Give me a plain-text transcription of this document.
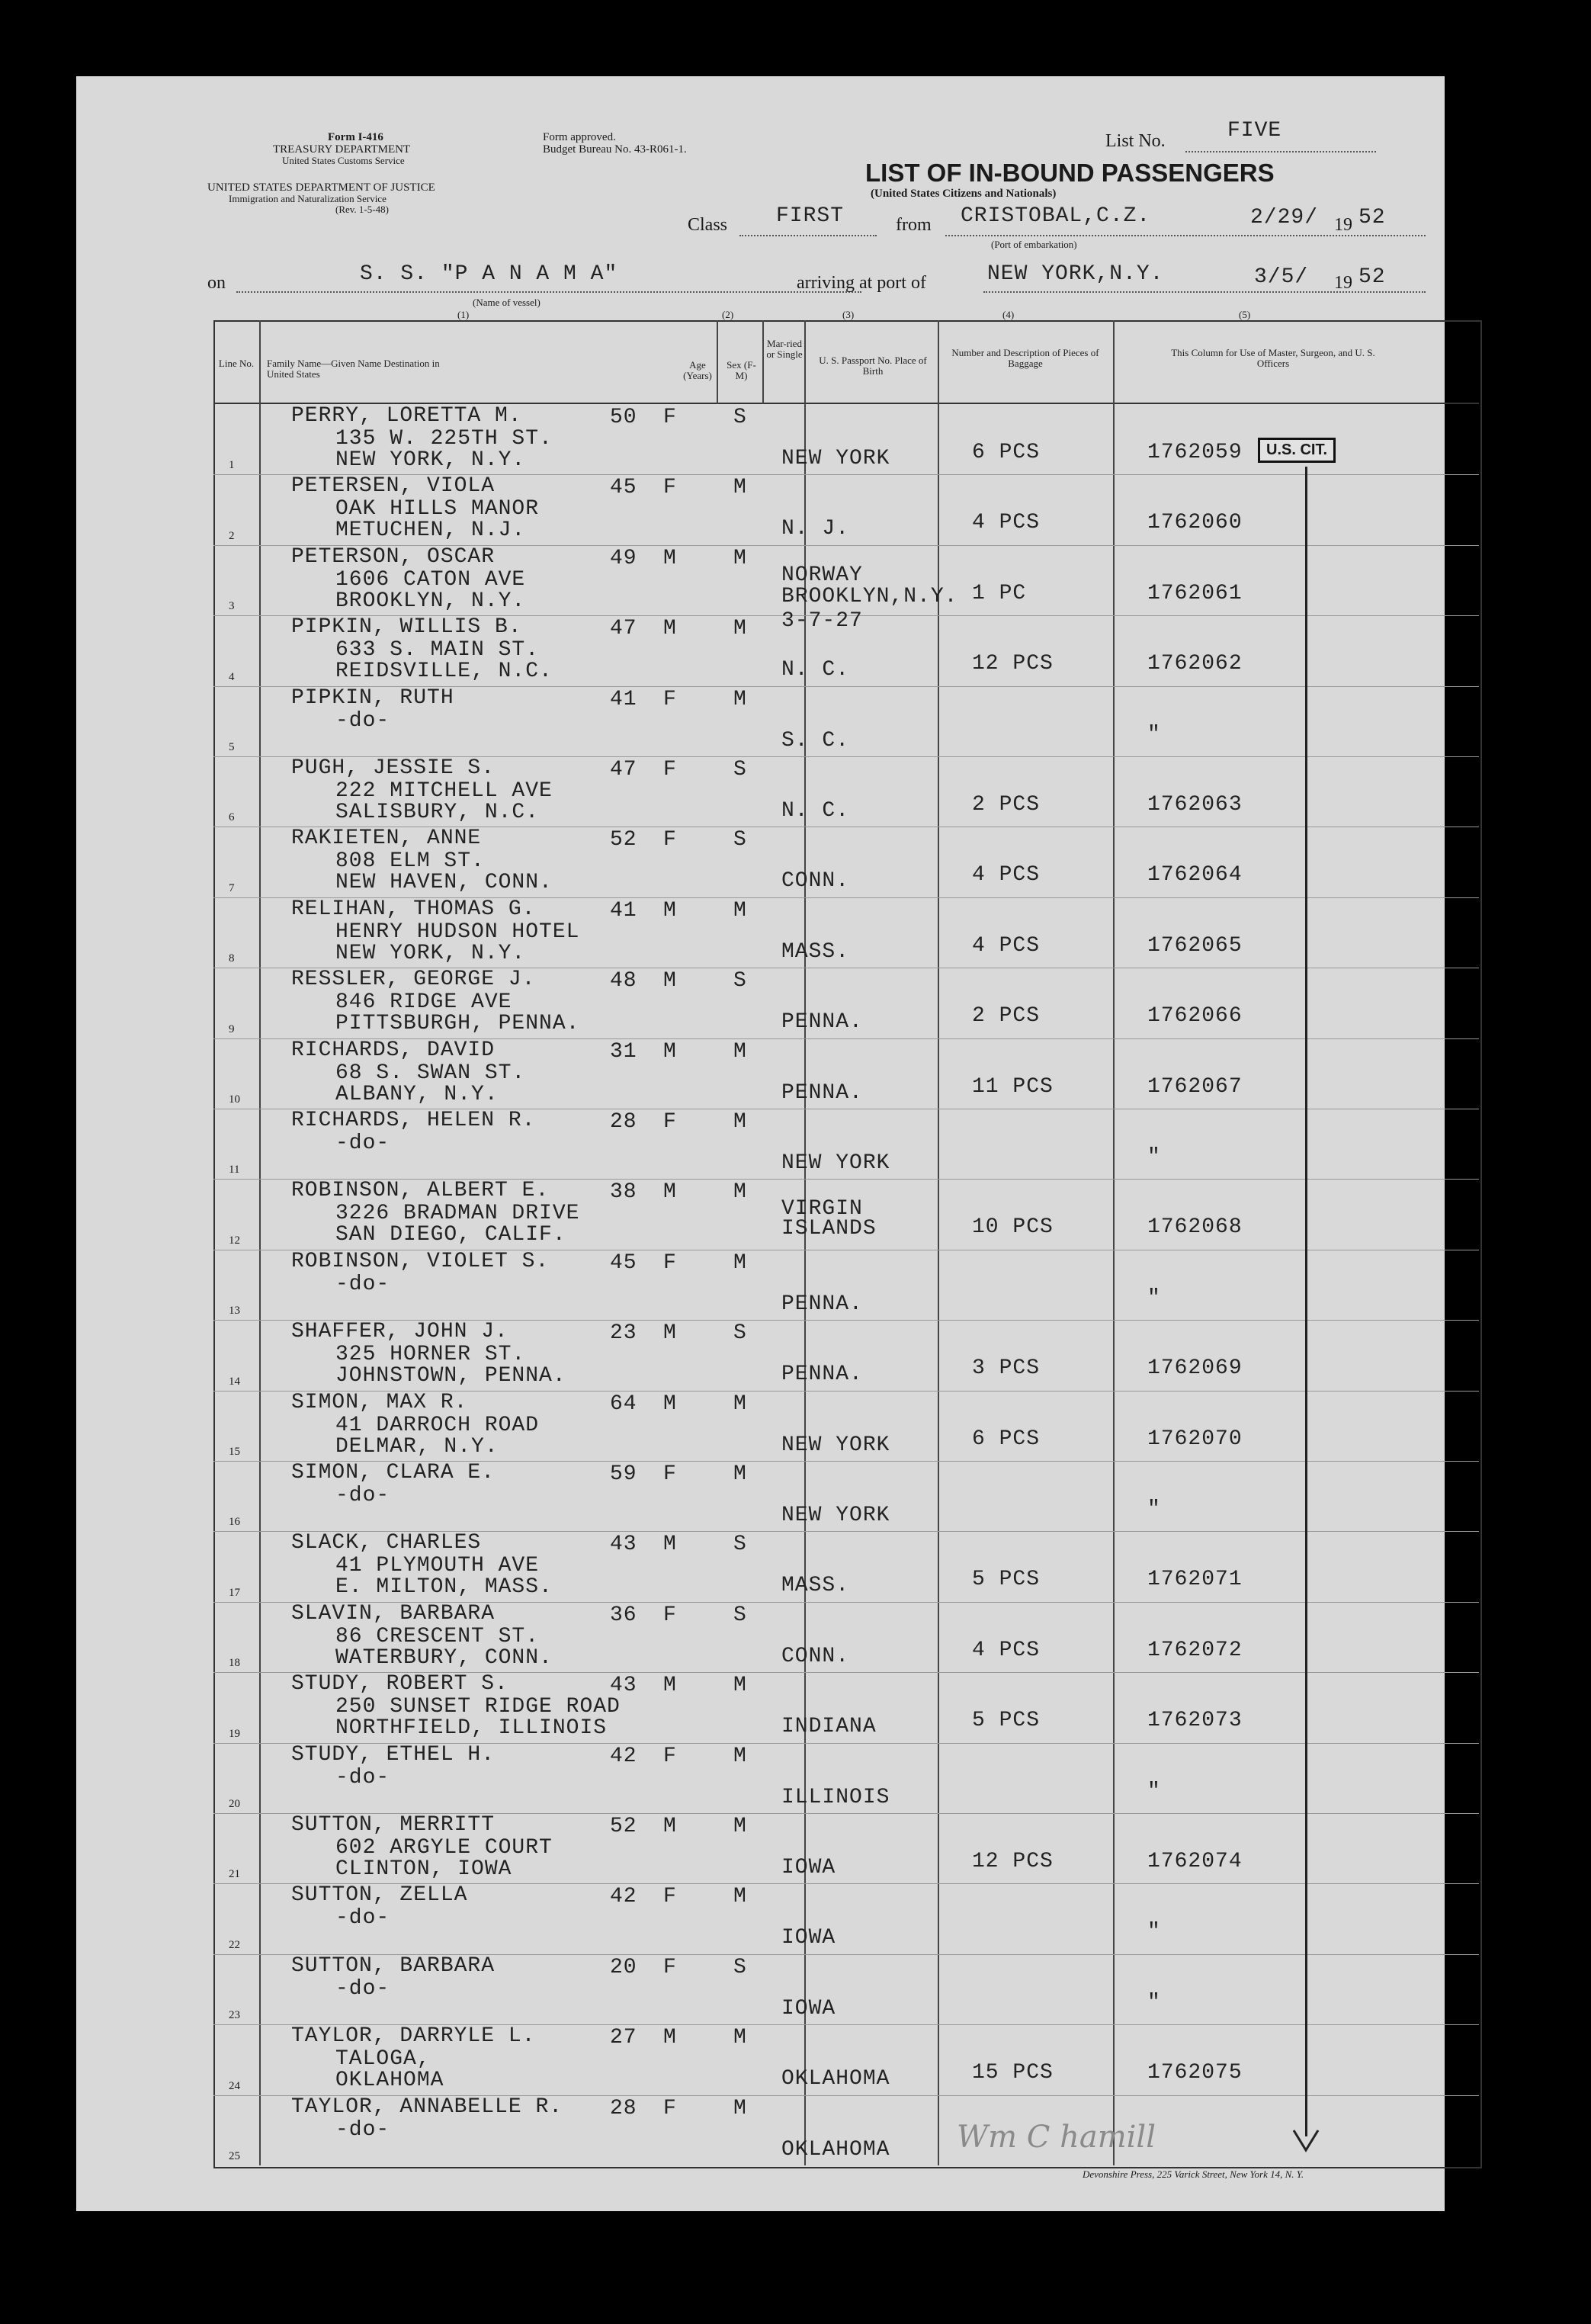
Form I-416
TREASURY DEPARTMENT
United States Customs Service
Form approved.
Budget Bureau No. 43-R061-1.
UNITED STATES DEPARTMENT OF JUSTICE
Immigration and Naturalization Service
(Rev. 1-5-48)
LIST OF IN-BOUND PASSENGERS
(United States Citizens and Nationals)
List No.	FIVE
Class FIRST	from CRISTOBAL,C.Z.	2/29/ 19 52
(Port of embarkation)
on	S. S. "P A N A M A"
(Name of vessel)
arriving at port of	NEW YORK,N.Y.	3/5/ 19 52
(1)	(2)	(3)	(4)	(5)
Line No. Family Name—Given Name Destination in United States
Age (Years)
Sex (F-M)
Mar-ried or Single
U. S. Passport No. Place of Birth
Number and Description of Pieces of Baggage
This Column for Use of Master, Surgeon, and U. S. Officers
1
PERRY, LORETTA M.
135 W. 225TH ST.
NEW YORK, N.Y.
50 F	S
NEW YORK	6 PCS	1762059
2
PETERSEN, VIOLA
OAK HILLS MANOR
METUCHEN, N.J.
45 F	M
N. J.	4 PCS	1762060
3
PETERSON, OSCAR
1606 CATON AVE
BROOKLYN, N.Y.
49 M	M
NORWAY
BROOKLYN,N.Y.
3-7-27
1 PC	1762061
4
PIPKIN, WILLIS B.
633 S. MAIN ST.
REIDSVILLE, N.C.
47 M	M
N. C.	12 PCS	1762062
5
PIPKIN, RUTH
-do-
41 F	M
S. C.	"
6
PUGH, JESSIE S.
222 MITCHELL AVE
SALISBURY, N.C.
47 F	S
N. C.	2 PCS	1762063
7
RAKIETEN, ANNE
808 ELM ST.
NEW HAVEN, CONN.
52 F	S
CONN.	4 PCS	1762064
8
RELIHAN, THOMAS G.
HENRY HUDSON HOTEL
NEW YORK, N.Y.
41 M	M
MASS.	4 PCS	1762065
9
RESSLER, GEORGE J.
846 RIDGE AVE
PITTSBURGH, PENNA.
48 M	S
PENNA.	2 PCS	1762066
10
RICHARDS, DAVID
68 S. SWAN ST.
ALBANY, N.Y.
31 M	M
PENNA.	11 PCS	1762067
11
RICHARDS, HELEN R.
-do-
28 F	M
NEW YORK	"
12
ROBINSON, ALBERT E.
3226 BRADMAN DRIVE
SAN DIEGO, CALIF.
38 M	M
VIRGIN
ISLANDS	10 PCS	1762068
13
ROBINSON, VIOLET S.
-do-
45 F	M
PENNA.	"
14
SHAFFER, JOHN J.
325 HORNER ST.
JOHNSTOWN, PENNA.
23 M	S
PENNA.	3 PCS	1762069
15
SIMON, MAX R.
41 DARROCH ROAD
DELMAR, N.Y.
64 M	M
NEW YORK	6 PCS	1762070
16
SIMON, CLARA E.
-do-
59 F	M
NEW YORK	"
17
SLACK, CHARLES
41 PLYMOUTH AVE
E. MILTON, MASS.
43 M	S
MASS.	5 PCS	1762071
18
SLAVIN, BARBARA
86 CRESCENT ST.
WATERBURY, CONN.
36 F	S
CONN.	4 PCS	1762072
19
STUDY, ROBERT S.
250 SUNSET RIDGE ROAD
NORTHFIELD, ILLINOIS
43 M	M
INDIANA	5 PCS	1762073
20
STUDY, ETHEL H.
-do-
42 F	M
ILLINOIS	"
21
SUTTON, MERRITT
602 ARGYLE COURT
CLINTON, IOWA
52 M	M
IOWA	12 PCS	1762074
22
SUTTON, ZELLA
-do-
42 F	M
IOWA	"
23
SUTTON, BARBARA
-do-
20 F	S
IOWA	"
24
TAYLOR, DARRYLE L.
TALOGA,
OKLAHOMA
27 M	M
OKLAHOMA	15 PCS	1762075
25
TAYLOR, ANNABELLE R.
-do-
28 F	M
OKLAHOMA
U.S. CIT.
Wm C hamill
Devonshire Press, 225 Varick Street, New York 14, N. Y.
